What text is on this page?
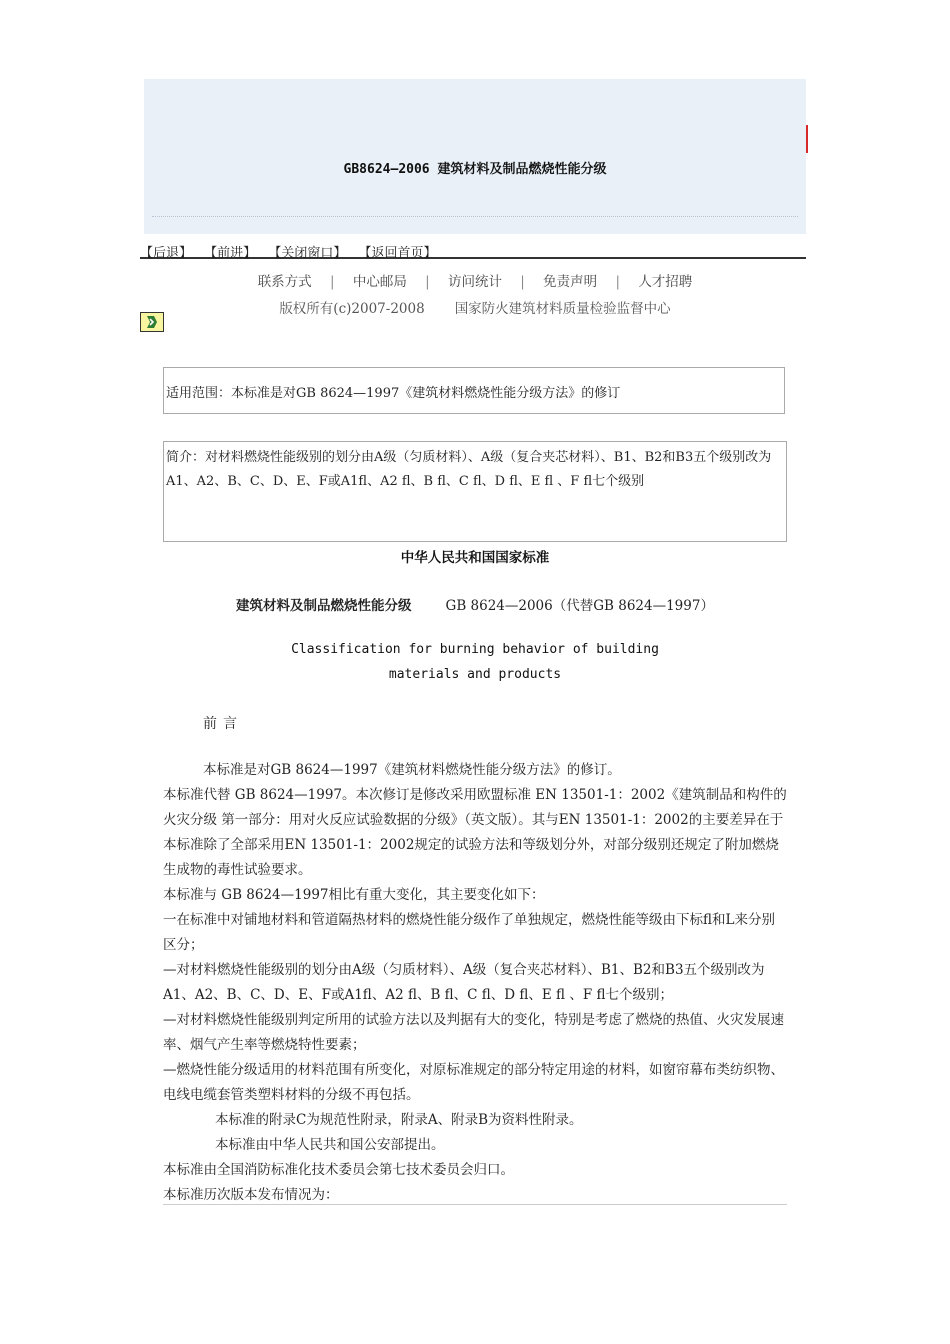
GB8624—2006 建筑材料及制品燃烧性能分级
【后退】 【前进】 【关闭窗口】 【返回首页】
联系方式 | 中心邮局 | 访问统计 | 免责声明 | 人才招聘
版权所有(c)2007-2008 国家防火建筑材料质量检验监督中心
适用范围：本标准是对GB 8624—1997《建筑材料燃烧性能分级方法》的修订
简介：对材料燃烧性能级别的划分由A级（匀质材料）、A级（复合夹芯材料）、B1、B2和B3五个级别改为A1、A2、B、C、D、E、F或A1fl、A2 fl、B fl、C fl、D fl、E fl 、F fl七个级别
中华人民共和国国家标准
建筑材料及制品燃烧性能分级	GB 8624—2006（代替GB 8624—1997）
Classification for burning behavior of building
materials and products
前言

本标准是对GB 8624—1997《建筑材料燃烧性能分级方法》的修订。

本标准代替 GB 8624—1997。本次修订是修改采用欧盟标准 EN 13501-1：2002《建筑制品和构件的火灾分级 第一部分：用对火反应试验数据的分级》（英文版）。其与EN 13501-1：2002的主要差异在于本标准除了全部采用EN 13501-1：2002规定的试验方法和等级划分外，对部分级别还规定了附加燃烧生成物的毒性试验要求。

本标准与 GB 8624—1997相比有重大变化，其主要变化如下：

一在标准中对铺地材料和管道隔热材料的燃烧性能分级作了单独规定，燃烧性能等级由下标fl和L来分别区分；

—对材料燃烧性能级别的划分由A级（匀质材料）、A级（复合夹芯材料）、B1、B2和B3五个级别改为A1、A2、B、C、D、E、F或A1fl、A2 fl、B fl、C fl、D fl、E fl 、F fl七个级别；

—对材料燃烧性能级别判定所用的试验方法以及判据有大的变化，特别是考虑了燃烧的热值、火灾发展速率、烟气产生率等燃烧特性要素；

—燃烧性能分级适用的材料范围有所变化，对原标准规定的部分特定用途的材料，如窗帘幕布类纺织物、电线电缆套管类塑料材料的分级不再包括。

本标准的附录C为规范性附录，附录A、附录B为资料性附录。

本标准由中华人民共和国公安部提出。

本标准由全国消防标准化技术委员会第七技术委员会归口。

本标准历次版本发布情况为：
